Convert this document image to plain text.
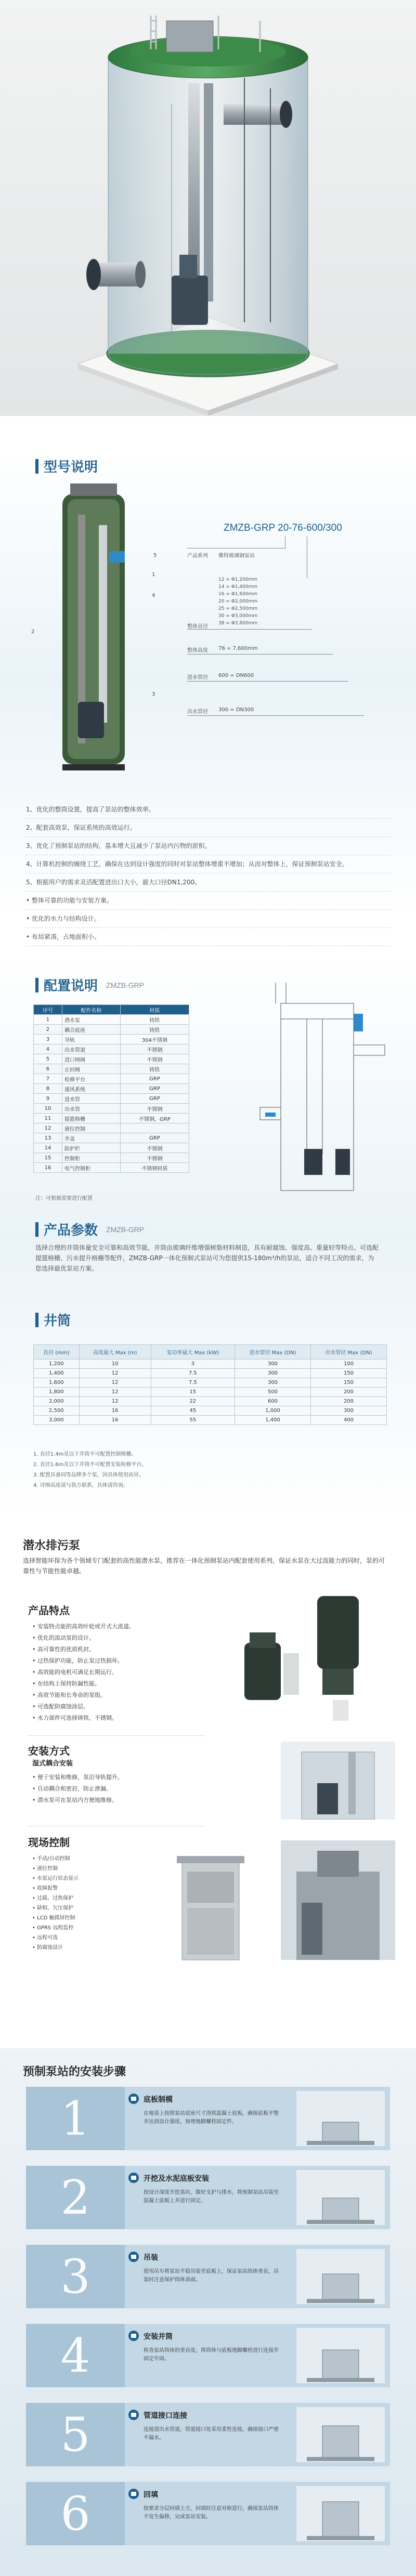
型号说明
5
1
4
2
3
ZMZB-GRP 20-76-600/300
产品系列 雅特玻璃钢泵站
12 = Φ1,200mm
14 = Φ1,400mm
16 = Φ1,600mm
20 = Φ2,000mm
25 = Φ2,500mm
30 = Φ3,000mm
38 = Φ3,800mm
整体直径
整体高度 76 = 7,600mm
进水管径 600 = DN600
出水管径 300 = DN300
1、优化的整筒设置，提高了泵站的整体效率。
2、配套高效泵，保证系统的高效运行。
3、优化了预制泵站的结构，基本增大且减少了泵站内污物的淤积。
4、计算机控制的缠绕工艺，确保在达到设计强度的同时对泵站整体增重不增加；从而对整体上，保证预制泵站安全。
5、根据用户的需求灵活配置进出口大小，最大口径DN1,200。
• 整体可靠的功能与安装方案。
• 优化的水力与结构设计。
• 布局紧凑，占地面积小。
配置说明 ZMZB-GRP
序号	配件名称	材质
1	潜水泵	铸铁
2	耦合底座	铸铁
3	导轨	304不锈钢
4	出水管道	不锈钢
5	进口闸阀	不锈钢
6	止回阀	铸铁
7	检修平台	GRP
8	通风系统	GRP
9	进水管	GRP
10	出水管	不锈钢
11	提篮格栅	不锈钢，GRP
12	液位控制	
13	井盖	GRP
14	防护栏	不锈钢
15	控制柜	不锈钢
16	电气控制柜	不锈钢材质
注：可根据需要进行配置
产品参数 ZMZB-GRP
选择合理的井筒体量安全可靠和高效节能，井筒由玻璃纤维增强树脂材料制造，具有耐腐蚀、强度高、重量轻等特点。可选配提篮格栅、污水提升格栅等配件，ZMZB-GRP一体化预制式泵站可为您提供15-180m³/h的泵站，适合不同工况的需求，为您选择最优泵站方案。
井筒
直径 (mm)	高度最大 Max (m)	泵功率最大 Max (kW)	进水管径 Max (DN)	出水管径 Max (DN)
1,200	10	3	300	100
1,400	12	7.5	300	150
1,600	12	7.5	300	150
1,800	12	15	500	200
2,000	12	22	600	200
2,500	16	45	1,000	300
3,000	16	55	1,400	400
1. 直径1.4m及以下井筒不可配置控制格栅。
2. 直径1.6m及以下井筒不可配置安装检修平台。
3. 配置具备同等品牌多个泵，因具体使用而异。
4. 详细高度请与我方联系，具体请咨询。
潜水排污泵
选择智能环保为各个领域专门配套的高性能潜水泵，推荐在一体化预制泵站内配套使用系列，保证水泵在大过流能力的同时，泵的可靠性与节能性能卓越。
产品特点
• 安装特点能的高效叶轮或开式大流道。
• 优化的流动泵的设计。
• 高可靠性的优质机封。
• 过热保护功能，防止泵过热损坏。
• 高效能的电机可满足长期运行。
• 在结构上保持防漏性能。
• 高效节能和长寿命的泵组。
• 可选配防腐蚀涂层。
• 水力部件可选择铸铁、不锈钢。
安装方式
湿式耦合安装
• 便于安装和维修，泵沿导轨提升。
• 自动耦合和密封，防止泄漏。
• 潜水泵可在泵站内方便地维修。
现场控制
• 手动/自动控制
• 液位控制
• 水泵运行状态显示
• 故障报警
• 过载、过热保护
• 缺相、欠压保护
• LCD 触摸屏控制
• GPRS 远程监控
• 远程可选
• 防腐蚀设计
预制泵站的安装步骤
1	底板制模
在地基上按照泵站底座尺寸浇筑混凝土底板，确保底板平整并达到设计强度，预埋地脚螺栓固定件。
2	开挖及水泥底板安装
按设计深度开挖基坑，做好支护与排水，将预制泵站吊装至混凝土底板上并进行固定。
3	吊装
使用吊车将泵站平稳吊装至底板上，保证泵站筒体垂直，吊装时注意保护筒体表面。
4	安装并筒
检查泵站筒体的垂直度，将筒体与底板地脚螺栓进行连接并固定牢固。
5	管道接口连接
连接进出水管道，管道接口处采用柔性连接，确保接口严密不漏水。
6	回填
按要求分层回填土方，回填时注意对称进行，确保泵站筒体不发生偏移，完成泵站安装。
